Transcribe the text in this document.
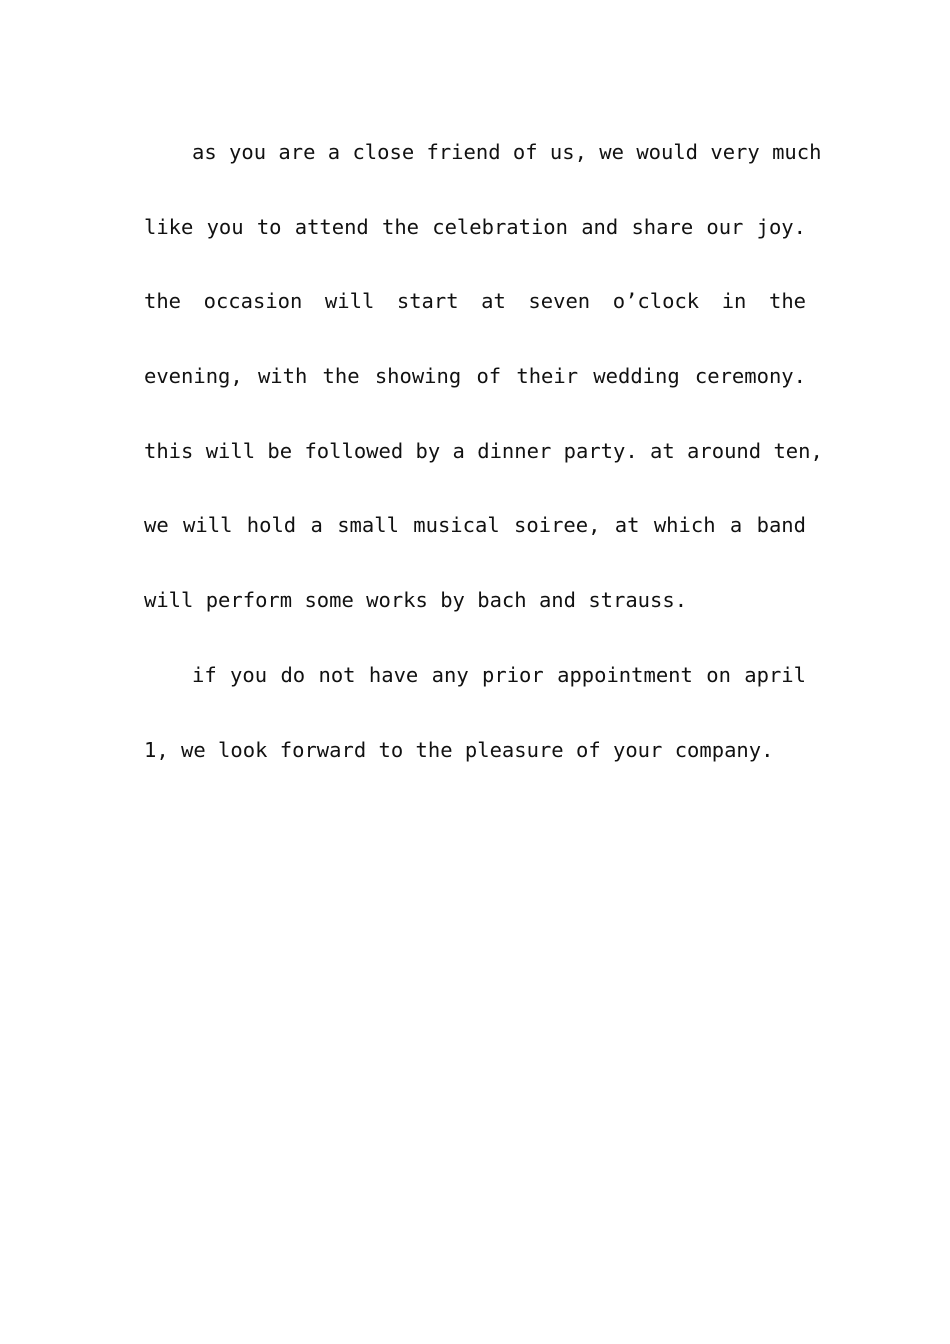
as you are a close friend of us, we would very much
like you to attend the celebration and share our joy.
the occasion will start at seven o’clock in the
evening, with the showing of their wedding ceremony.
this will be followed by a dinner party. at around ten,
we will hold a small musical soiree, at which a band
will perform some works by bach and strauss.
if you do not have any prior appointment on april
1, we look forward to the pleasure of your company.
